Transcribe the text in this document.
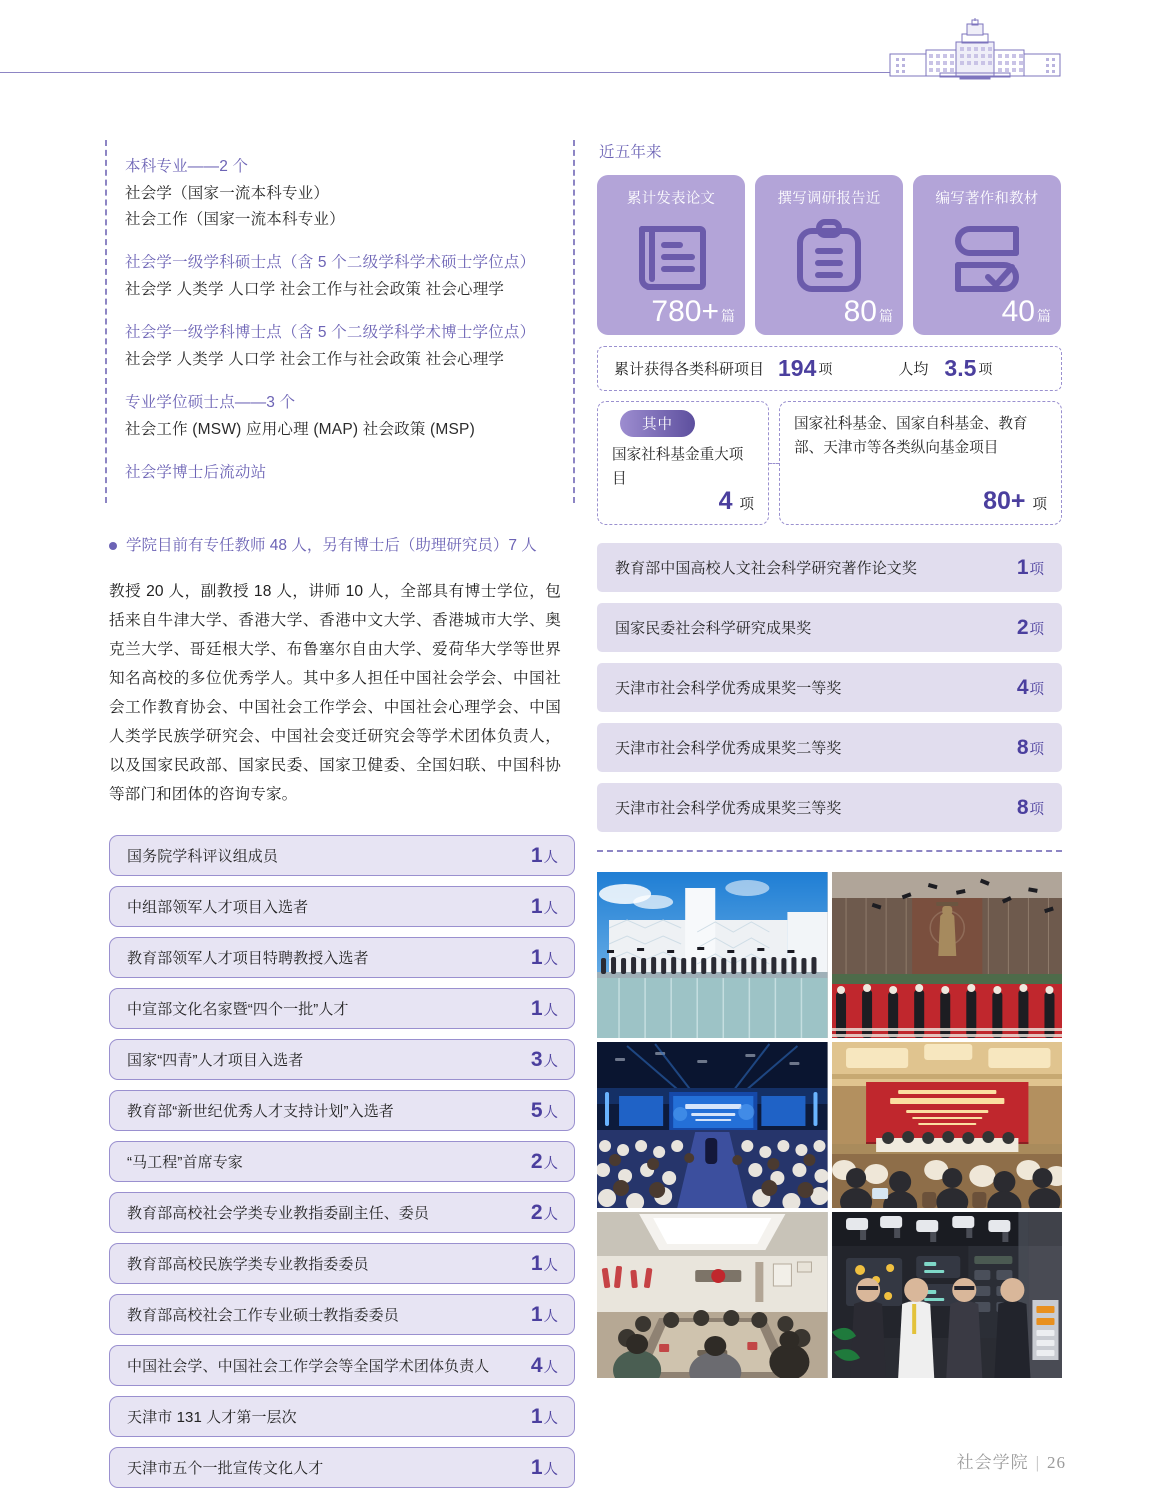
本科专业——2 个
社会学（国家一流本科专业）
社会工作（国家一流本科专业）
社会学一级学科硕士点（含 5 个二级学科学术硕士学位点）
社会学 人类学 人口学 社会工作与社会政策 社会心理学
社会学一级学科博士点（含 5 个二级学科学术博士学位点）
社会学 人类学 人口学 社会工作与社会政策 社会心理学
专业学位硕士点——3 个
社会工作 (MSW) 应用心理 (MAP) 社会政策 (MSP)
社会学博士后流动站
学院目前有专任教师 48 人，另有博士后（助理研究员）7 人

教授 20 人，副教授 18 人，讲师 10 人，全部具有博士学位，包括来自牛津大学、香港大学、香港中文大学、香港城市大学、奥克兰大学、哥廷根大学、布鲁塞尔自由大学、爱荷华大学等世界知名高校的多位优秀学人。其中多人担任中国社会学会、中国社会工作教育协会、中国社会工作学会、中国社会心理学会、中国人类学民族学研究会、中国社会变迁研究会等学术团体负责人，以及国家民政部、国家民委、国家卫健委、全国妇联、中国科协等部门和团体的咨询专家。

国务院学科评议组成员	1 人
中组部领军人才项目入选者	1 人
教育部领军人才项目特聘教授入选者	1 人
中宣部文化名家暨“四个一批”人才	1 人
国家“四青”人才项目入选者	3 人
教育部“新世纪优秀人才支持计划”入选者	5 人
“马工程”首席专家	2 人
教育部高校社会学类专业教指委副主任、委员	2 人
教育部高校民族学类专业教指委委员	1 人
教育部高校社会工作专业硕士教指委委员	1 人
中国社会学、中国社会工作学会等全国学术团体负责人 4 人
天津市 131 人才第一层次	1 人
天津市五个一批宣传文化人才	1 人
近五年来
累计发表论文
780+ 篇
撰写调研报告近
80 篇
编写著作和教材
40 篇
累计获得各类科研项目 194 项	人均 3.5 项
其中
国家社科基金重大项目
4 项
国家社科基金、国家自科基金、教育部、天津市等各类纵向基金项目
80+ 项
教育部中国高校人文社会科学研究著作论文奖	1 项
国家民委社会科学研究成果奖	2 项
天津市社会科学优秀成果奖一等奖	4 项
天津市社会科学优秀成果奖二等奖	8 项
天津市社会科学优秀成果奖三等奖	8 项
社会学院 | 26
